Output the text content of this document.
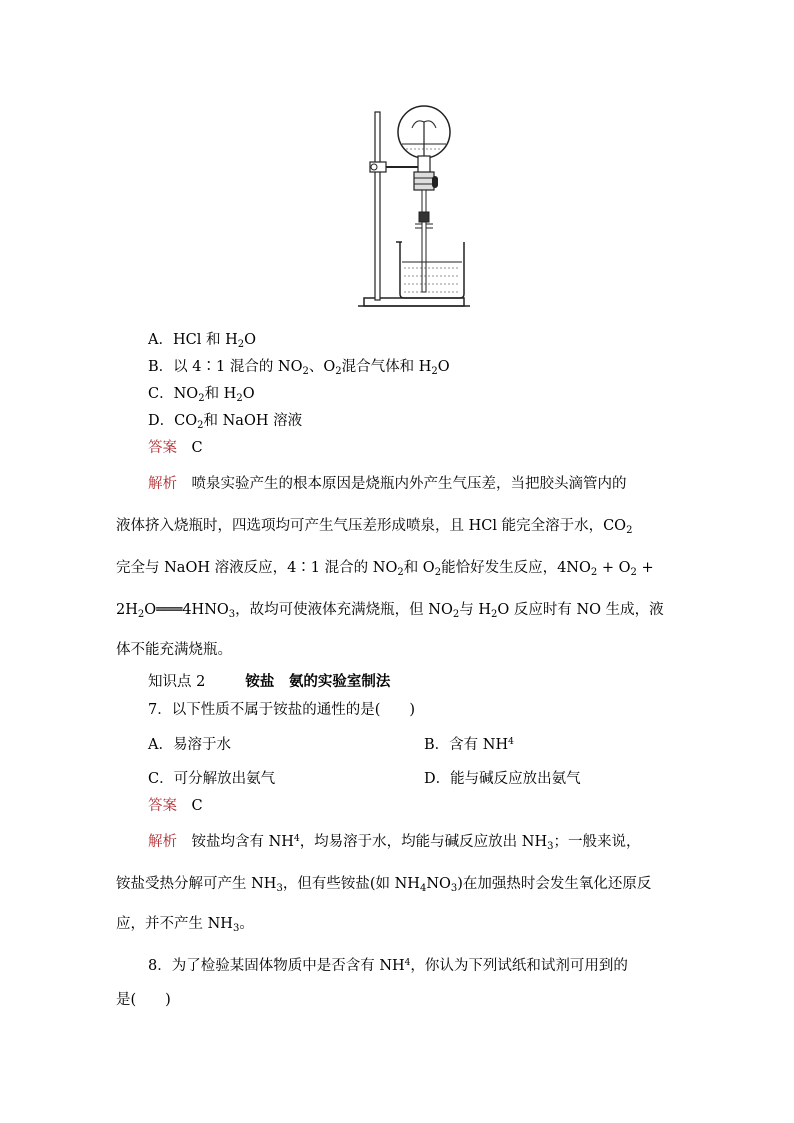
A．HCl 和 $H_2O$
B．以 4∶1 混合的 $NO_2$、$O_2$混合气体和 $H_2O$
C．$NO_2$和 $H_2O$
D．$CO_2$和 NaOH 溶液
答案　 C
解析　 喷泉实验产生的根本原因是烧瓶内外产生气压差，当把胶头滴管内的
液体挤入烧瓶时，四选项均可产生气压差形成喷泉，且 HCl 能完全溶于水，$CO_2$
完全与 NaOH 溶液反应，4∶1 混合的 $NO_2$和 $O_2$能恰好发生反应，$4NO_2 + O_2$ +
$2H_2O═══4HNO_3$，故均可使液体充满烧瓶，但 $NO_2$与 $H_2O$ 反应时有 NO 生成，液
体不能充满烧瓶。
知识点 2	铵盐　氨的实验室制法
7．以下性质不属于铵盐的通性的是(　　)
A．易溶于水	B．含有 $NH^4$
C．可分解放出氨气	D．能与碱反应放出氨气
答案　 C
解析　 铵盐均含有 $NH^4$，均易溶于水，均能与碱反应放出 $NH_3$；一般来说，
铵盐受热分解可产生 $NH_3$，但有些铵盐(如 $NH_4NO_3$)在加强热时会发生氧化还原反
应，并不产生 $NH_3$。
8．为了检验某固体物质中是否含有 $NH^4$，你认为下列试纸和试剂可用到的
是(　　)
